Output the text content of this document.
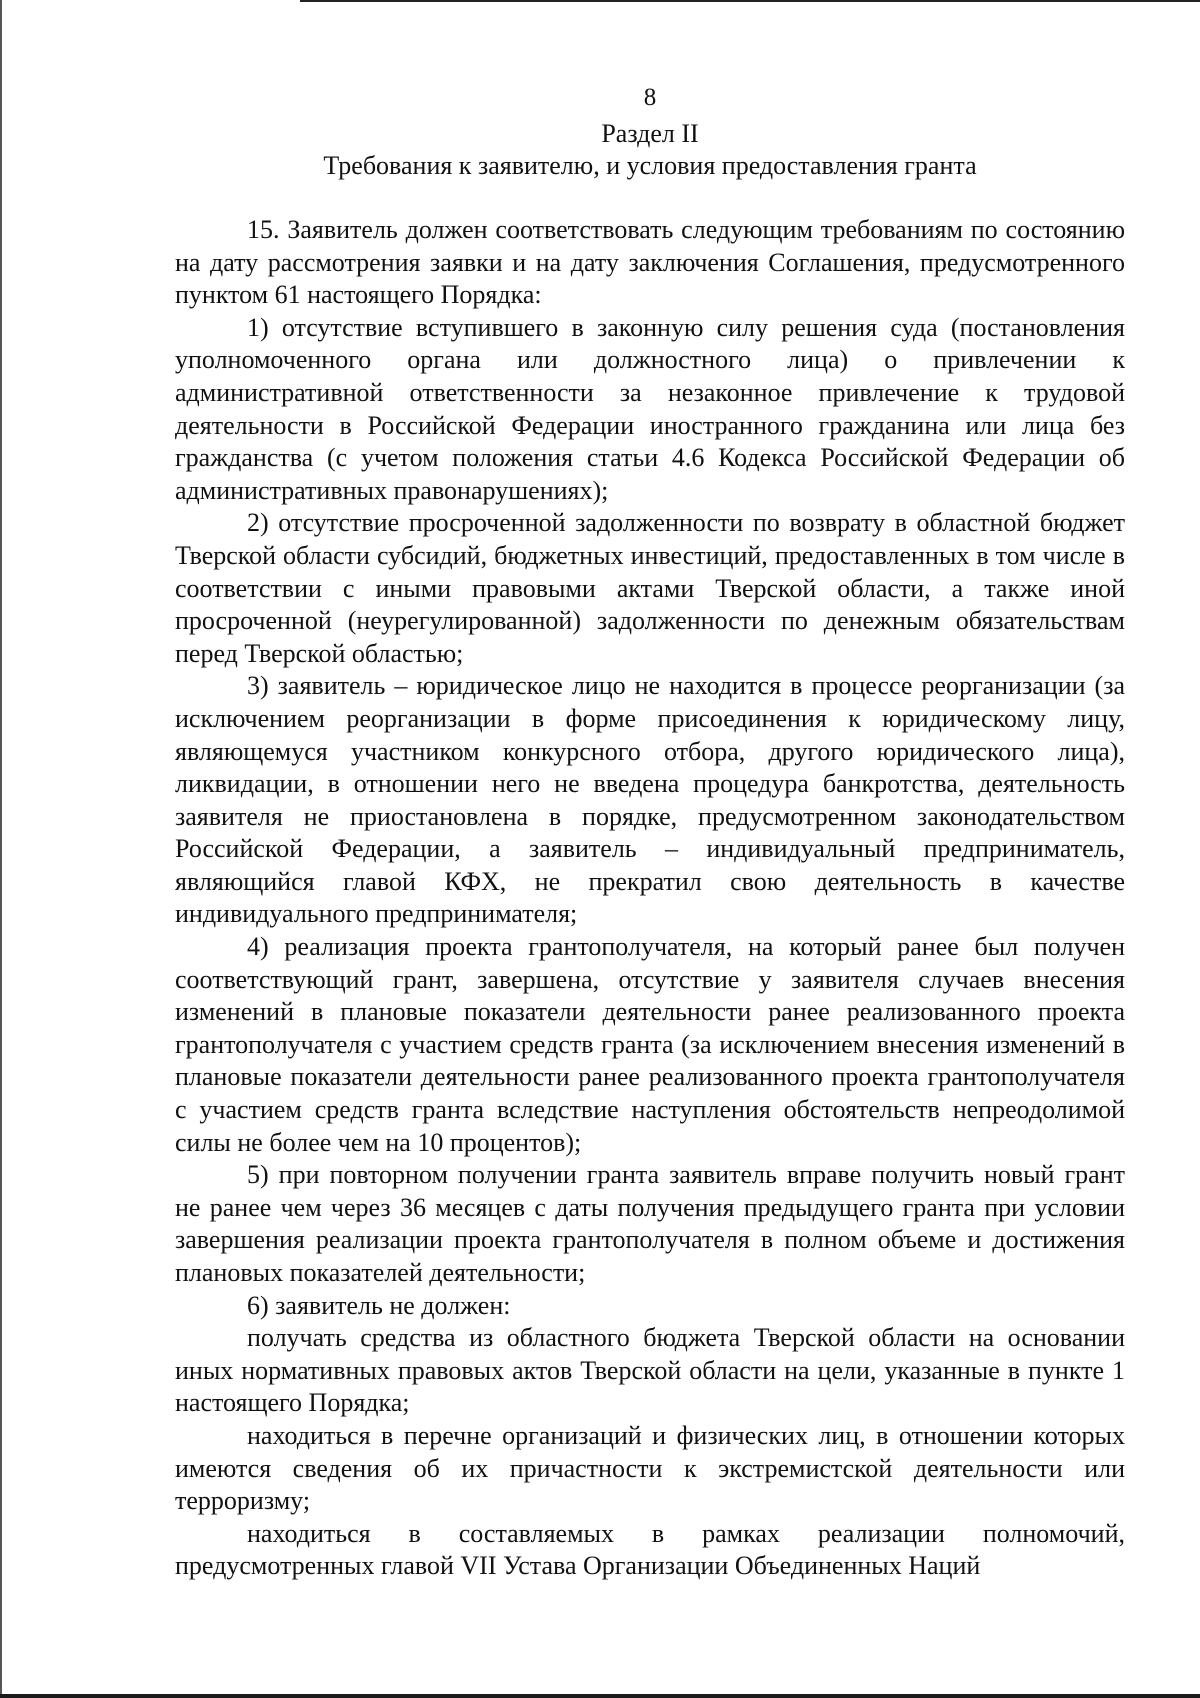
8

Раздел II

Требования к заявителю, и условия предоставления гранта

15. Заявитель должен соответствовать следующим требованиям по состоянию на дату рассмотрения заявки и на дату заключения Соглашения, предусмотренного пунктом 61 настоящего Порядка:

1) отсутствие вступившего в законную силу решения суда (постановления уполномоченного органа или должностного лица) о привлечении к административной ответственности за незаконное привлечение к трудовой деятельности в Российской Федерации иностранного гражданина или лица без гражданства (с учетом положения статьи 4.6 Кодекса Российской Федерации об административных правонарушениях);

2) отсутствие просроченной задолженности по возврату в областной бюджет Тверской области субсидий, бюджетных инвестиций, предоставленных в том числе в соответствии с иными правовыми актами Тверской области, а также иной просроченной (неурегулированной) задолженности по денежным обязательствам перед Тверской областью;

3) заявитель – юридическое лицо не находится в процессе реорганизации (за исключением реорганизации в форме присоединения к юридическому лицу, являющемуся участником конкурсного отбора, другого юридического лица), ликвидации, в отношении него не введена процедура банкротства, деятельность заявителя не приостановлена в порядке, предусмотренном законодательством Российской Федерации, а заявитель – индивидуальный предприниматель, являющийся главой КФХ, не прекратил свою деятельность в качестве индивидуального предпринимателя;

4) реализация проекта грантополучателя, на который ранее был получен соответствующий грант, завершена, отсутствие у заявителя случаев внесения изменений в плановые показатели деятельности ранее реализованного проекта грантополучателя с участием средств гранта (за исключением внесения изменений в плановые показатели деятельности ранее реализованного проекта грантополучателя с участием средств гранта вследствие наступления обстоятельств непреодолимой силы не более чем на 10 процентов);

5) при повторном получении гранта заявитель вправе получить новый грант не ранее чем через 36 месяцев с даты получения предыдущего гранта при условии завершения реализации проекта грантополучателя в полном объеме и достижения плановых показателей деятельности;

6) заявитель не должен:

получать средства из областного бюджета Тверской области на основании иных нормативных правовых актов Тверской области на цели, указанные в пункте 1 настоящего Порядка;

находиться в перечне организаций и физических лиц, в отношении которых имеются сведения об их причастности к экстремистской деятельности или терроризму;

находиться в составляемых в рамках реализации полномочий, предусмотренных главой VII Устава Организации Объединенных Наций
